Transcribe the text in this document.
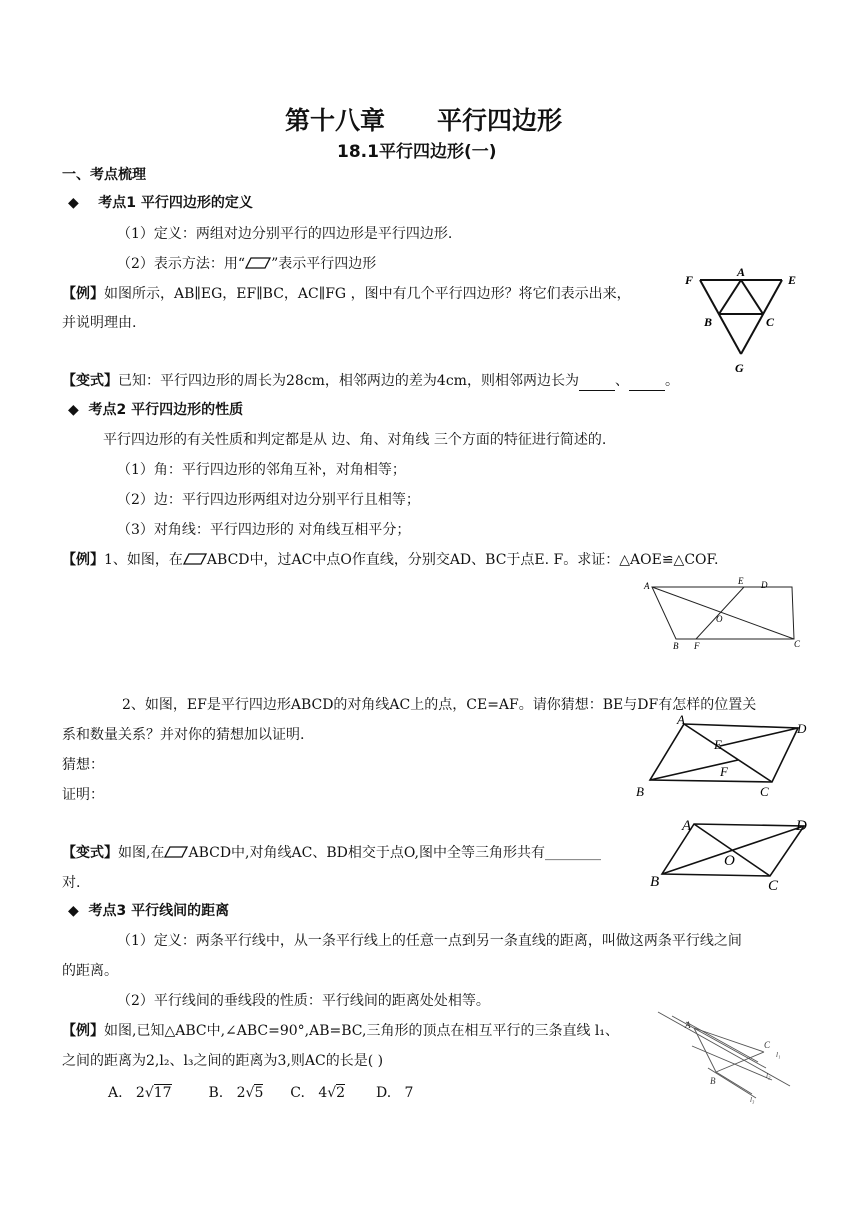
第十八章 平行四边形
18.1平行四边形(一)
一、考点梳理
◆ 考点1 平行四边形的定义
（1）定义：两组对边分别平行的四边形是平行四边形.
（2）表示方法：用“ ”表示平行四边形
【例】如图所示，AB∥EG，EF∥BC，AC∥FG ，图中有几个平行四边形？将它们表示出来，
并说明理由.
F
A
E
B	C
G
【变式】已知：平行四边形的周长为28cm，相邻两边的差为4cm，则相邻两边长为	、	。
◆ 考点2 平行四边形的性质
平行四边形的有关性质和判定都是从 边、角、对角线 三个方面的特征进行简述的.
（1）角：平行四边形的邻角互补，对角相等；
（2）边：平行四边形两组对边分别平行且相等；
（3）对角线：平行四边形的 对角线互相平分；
【例】1、如图，在 ABCD中，过AC中点O作直线，分别交AD、BC于点E. F。求证：△AOE≌△COF.
A	E D
O
B F	C
2、如图，EF是平行四边形ABCD的对角线AC上的点，CE=AF。请你猜想：BE与DF有怎样的位置关
系和数量关系？并对你的猜想加以证明.
猜想：
证明：
A
D
E
F
B	C
【变式】如图,在 ABCD中,对角线AC、BD相交于点O,图中全等三角形共有________
对.
A	D
O
B	C
◆ 考点3 平行线间的距离
（1）定义：两条平行线中，从一条平行线上的任意一点到另一条直线的距离，叫做这两条平行线之间
的距离。
（2）平行线间的垂线段的性质：平行线间的距离处处相等。
【例】如图,已知△ABC中,∠ABC=90°,AB=BC,三角形的顶点在相互平行的三条直线 l₁、
之间的距离为2,l₂、l₃之间的距离为3,则AC的长是( )
A. 2√17	B. 2√5 C. 4√2 D. 7
A
C
B
l₁
l₂
l₃
